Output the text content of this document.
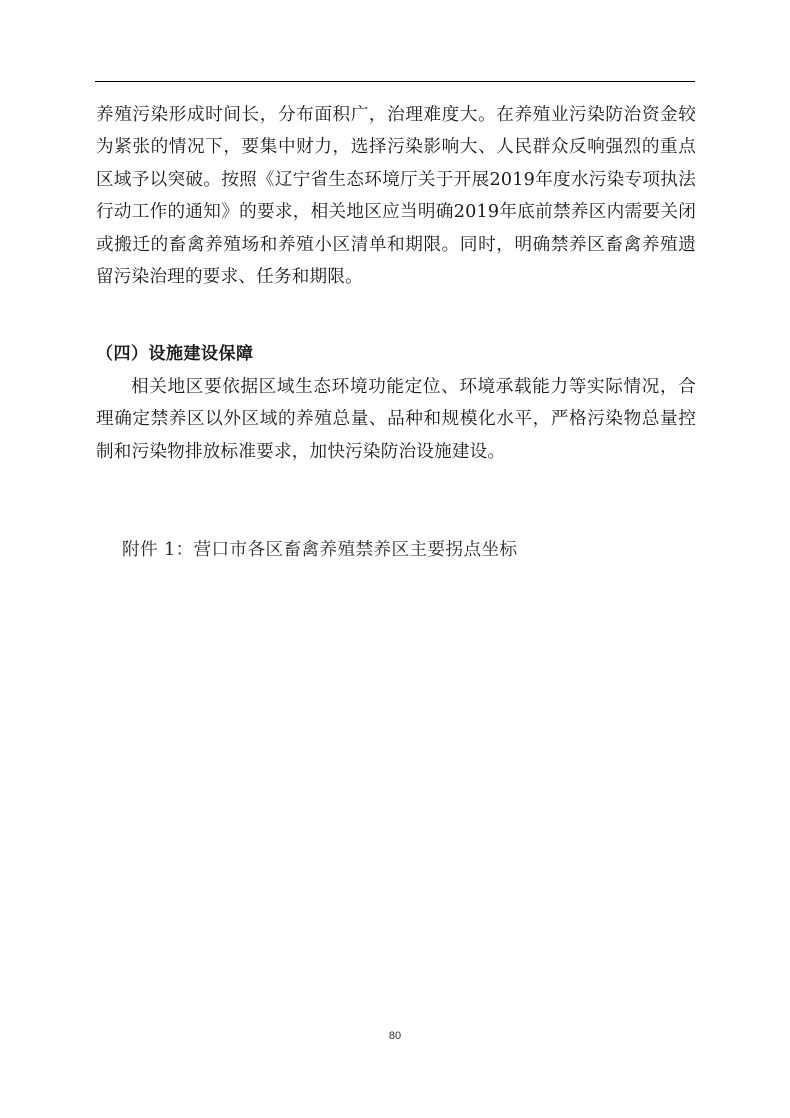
养殖污染形成时间长，分布面积广，治理难度大。在养殖业污染防治资金较为紧张的情况下，要集中财力，选择污染影响大、人民群众反响强烈的重点区域予以突破。按照《辽宁省生态环境厅关于开展2019年度水污染专项执法行动工作的通知》的要求，相关地区应当明确2019年底前禁养区内需要关闭或搬迁的畜禽养殖场和养殖小区清单和期限。同时，明确禁养区畜禽养殖遗留污染治理的要求、任务和期限。
（四）设施建设保障
相关地区要依据区域生态环境功能定位、环境承载能力等实际情况，合理确定禁养区以外区域的养殖总量、品种和规模化水平，严格污染物总量控制和污染物排放标准要求，加快污染防治设施建设。
附件 1：营口市各区畜禽养殖禁养区主要拐点坐标
80
